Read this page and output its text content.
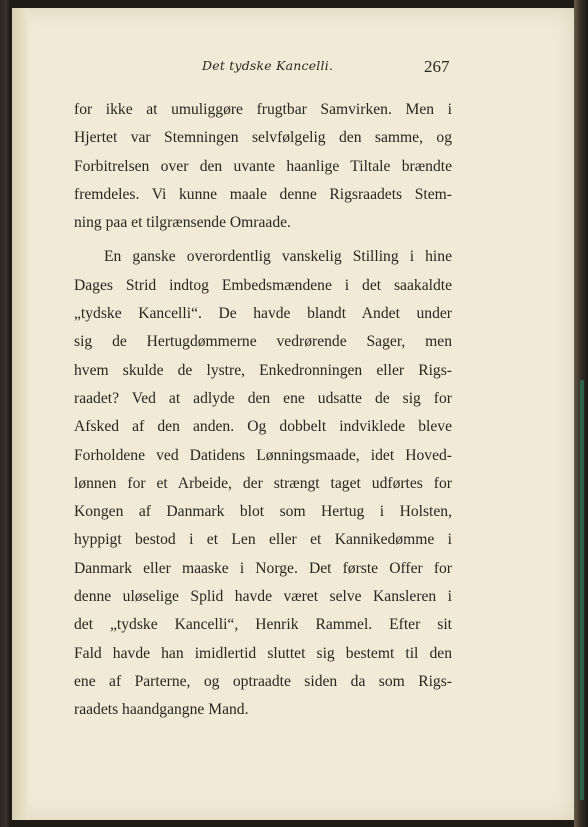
Det tydske Kancelli.	267
for ikke at umuliggøre frugtbar Samvirken. Men i
Hjertet var Stemningen selvfølgelig den samme, og
Forbitrelsen over den uvante haanlige Tiltale brændte
fremdeles. Vi kunne maale denne Rigsraadets Stem-
ning paa et tilgrænsende Omraade.
En ganske overordentlig vanskelig Stilling i hine
Dages Strid indtog Embedsmændene i det saakaldte
„tydske Kancelli“. De havde blandt Andet under
sig de Hertugdømmerne vedrørende Sager, men
hvem skulde de lystre, Enkedronningen eller Rigs-
raadet? Ved at adlyde den ene udsatte de sig for
Afsked af den anden. Og dobbelt indviklede bleve
Forholdene ved Datidens Lønningsmaade, idet Hoved-
lønnen for et Arbeide, der strængt taget udførtes for
Kongen af Danmark blot som Hertug i Holsten,
hyppigt bestod i et Len eller et Kannikedømme i
Danmark eller maaske i Norge. Det første Offer for
denne uløselige Splid havde været selve Kansleren i
det „tydske Kancelli“, Henrik Rammel. Efter sit
Fald havde han imidlertid sluttet sig bestemt til den
ene af Parterne, og optraadte siden da som Rigs-
raadets haandgangne Mand.
